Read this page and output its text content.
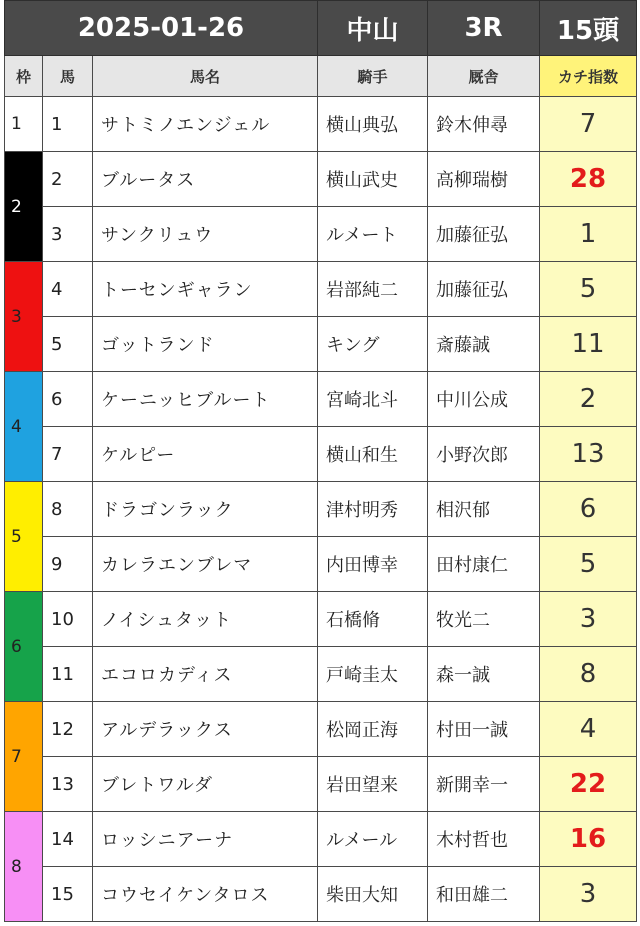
2025-01-26			中山	3R	15頭
枠	馬	馬名	騎手	厩舎	カチ指数
1	1	サトミノエンジェル	横山典弘	鈴木伸尋	7
2	2	ブルータス	横山武史	高柳瑞樹	28
	3	サンクリュウ	ルメート	加藤征弘	1
3	4	トーセンギャラン	岩部純二	加藤征弘	5
	5	ゴットランド	キング	斎藤誠	11
4	6	ケーニッヒブルート	宮崎北斗	中川公成	2
	7	ケルピー	横山和生	小野次郎	13
5	8	ドラゴンラック	津村明秀	相沢郁	6
	9	カレラエンブレマ	内田博幸	田村康仁	5
6	10	ノイシュタット	石橋脩	牧光二	3
	11	エコロカディス	戸崎圭太	森一誠	8
7	12	アルデラックス	松岡正海	村田一誠	4
	13	ブレトワルダ	岩田望来	新開幸一	22
8	14	ロッシニアーナ	ルメール	木村哲也	16
	15	コウセイケンタロス	柴田大知	和田雄二	3
